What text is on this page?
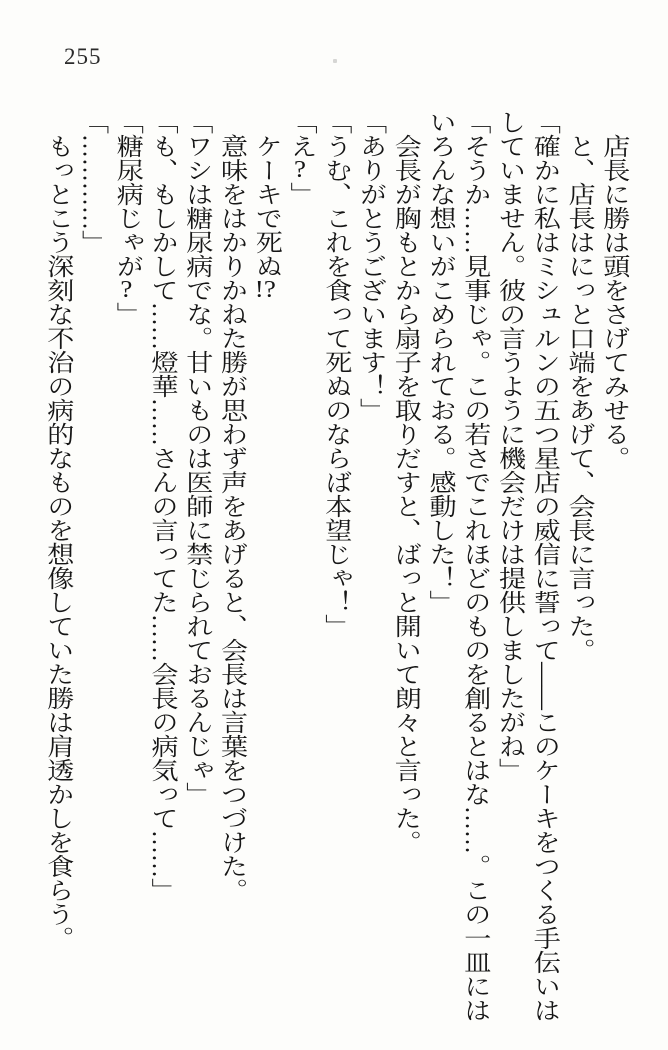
255

店長に勝は頭をさげてみせる。

と、店長はにっと口端をあげて、会長に言った。

「確かに私はミシュルンの五つ星店の威信に誓って――このケーキをつくる手伝いはしていません。彼の言うように機会だけは提供しましたがね」

「そうか……見事じゃ。この若さでこれほどのものを創るとはな……。この一皿にはいろんな想いがこめられておる。感動した！」

会長が胸もとから扇子を取りだすと、ばっと開いて朗々と言った。

「ありがとうございます！」

「うむ、これを食って死ぬのならば本望じゃ！」

「え?」

ケーキで死ぬ!?

意味をはかりかねた勝が思わず声をあげると、会長は言葉をつづけた。

「ワシは糖尿病でな。甘いものは医師に禁じられておるんじゃ」

「も、もしかして……燈華……さんの言ってた……会長の病気って……」

「糖尿病じゃが?」

「…………」

もっとこう深刻な不治の病的なものを想像していた勝は肩透かしを食らう。
